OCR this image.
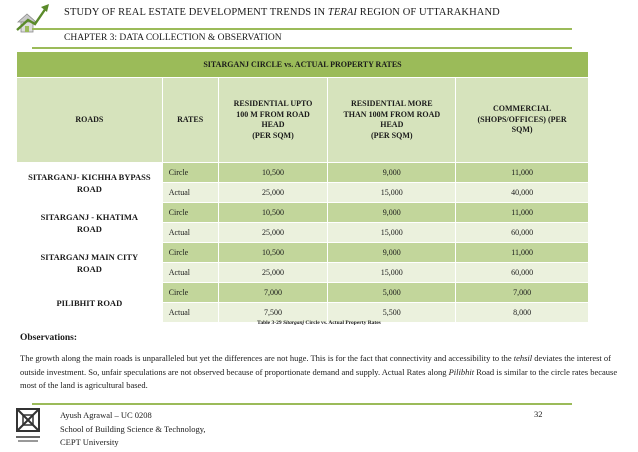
STUDY OF REAL ESTATE DEVELOPMENT TRENDS IN TERAI REGION OF UTTARAKHAND
CHAPTER 3: DATA COLLECTION & OBSERVATION
SITARGANJ CIRCLE vs. ACTUAL PROPERTY RATES				
ROADS	RATES	RESIDENTIAL UPTO
100 M FROM ROAD
HEAD
(PER SQM)	RESIDENTIAL MORE
THAN 100M FROM ROAD
HEAD
(PER SQM)	COMMERCIAL
(SHOPS/OFFICES) (PER
SQM)
SITARGANJ- KICHHA BYPASS
ROAD	Circle	10,500	9,000	11,000
	Actual	25,000	15,000	40,000
SITARGANJ - KHATIMA
ROAD	Circle	10,500	9,000	11,000
	Actual	25,000	15,000	60,000
SITARGANJ MAIN CITY
ROAD	Circle	10,500	9,000	11,000
	Actual	25,000	15,000	60,000
PILIBHIT ROAD	Circle	7,000	5,000	7,000
	Actual	7,500	5,500	8,000
Table 3-29 Sitarganj Circle vs. Actual Property Rates
Observations:
The growth along the main roads is unparalleled but yet the differences are not huge. This is for the fact that connectivity and accessibility to the tehsil deviates the interest of outside investment. So, unfair speculations are not observed because of proportionate demand and supply. Actual Rates along Pilibhit Road is similar to the circle rates because most of the land is agricultural based.
Ayush Agrawal – UC 0208
School of Building Science & Technology,
CEPT University
32
